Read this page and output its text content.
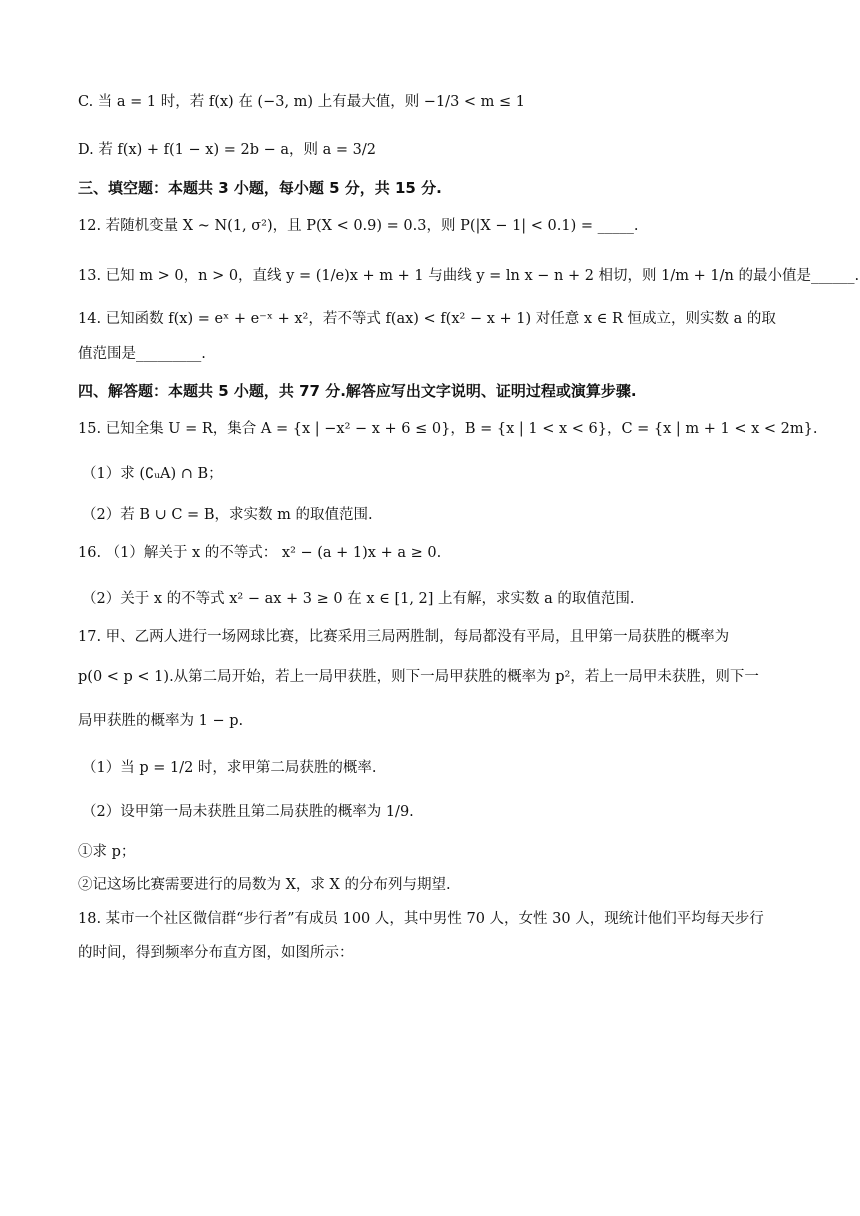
C. 当 a = 1 时，若 f(x) 在 (−3, m) 上有最大值，则 −1/3 < m ≤ 1
D. 若 f(x) + f(1 − x) = 2b − a，则 a = 3/2
三、填空题：本题共 3 小题，每小题 5 分，共 15 分.
12. 若随机变量 X ~ N(1, σ²)，且 P(X < 0.9) = 0.3，则 P(|X − 1| < 0.1) = _____.
13. 已知 m > 0，n > 0，直线 y = (1/e)x + m + 1 与曲线 y = ln x − n + 2 相切，则 1/m + 1/n 的最小值是______.
14. 已知函数 f(x) = eˣ + e⁻ˣ + x²，若不等式 f(ax) < f(x² − x + 1) 对任意 x ∈ R 恒成立，则实数 a 的取
值范围是_________.
四、解答题：本题共 5 小题，共 77 分.解答应写出文字说明、证明过程或演算步骤.
15. 已知全集 U = R，集合 A = {x | −x² − x + 6 ≤ 0}，B = {x | 1 < x < 6}，C = {x | m + 1 < x < 2m}.
（1）求 (∁ᵤA) ∩ B；
（2）若 B ∪ C = B，求实数 m 的取值范围.
16. （1）解关于 x 的不等式： x² − (a + 1)x + a ≥ 0.
（2）关于 x 的不等式 x² − ax + 3 ≥ 0 在 x ∈ [1, 2] 上有解，求实数 a 的取值范围.
17. 甲、乙两人进行一场网球比赛，比赛采用三局两胜制，每局都没有平局，且甲第一局获胜的概率为
p(0 < p < 1).从第二局开始，若上一局甲获胜，则下一局甲获胜的概率为 p²，若上一局甲未获胜，则下一
局甲获胜的概率为 1 − p.
（1）当 p = 1/2 时，求甲第二局获胜的概率.
（2）设甲第一局未获胜且第二局获胜的概率为 1/9.
①求 p；
②记这场比赛需要进行的局数为 X，求 X 的分布列与期望.
18. 某市一个社区微信群“步行者”有成员 100 人，其中男性 70 人，女性 30 人，现统计他们平均每天步行
的时间，得到频率分布直方图，如图所示：
